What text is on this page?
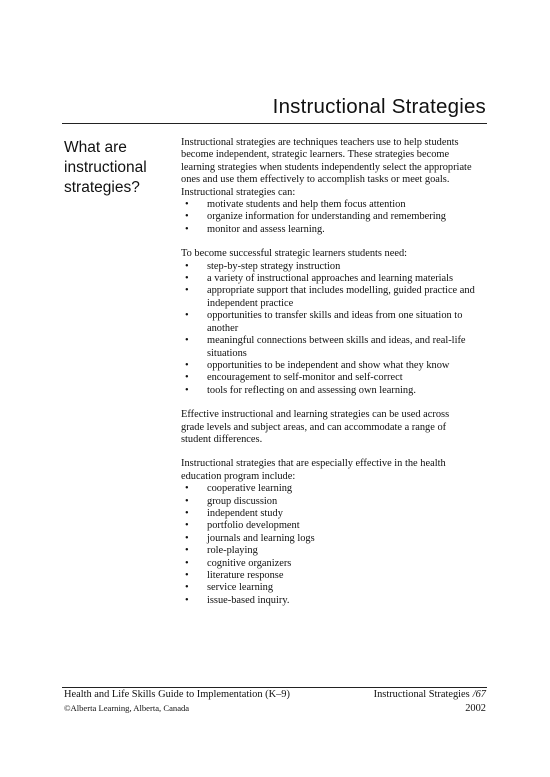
Instructional Strategies
What are
instructional
strategies?
Instructional strategies are techniques teachers use to help students
become independent, strategic learners. These strategies become
learning strategies when students independently select the appropriate
ones and use them effectively to accomplish tasks or meet goals.
Instructional strategies can:
• motivate students and help them focus attention
• organize information for understanding and remembering
• monitor and assess learning.
To become successful strategic learners students need:
• step-by-step strategy instruction
• a variety of instructional approaches and learning materials
• appropriate support that includes modelling, guided practice and
independent practice
• opportunities to transfer skills and ideas from one situation to
another
• meaningful connections between skills and ideas, and real-life
situations
• opportunities to be independent and show what they know
• encouragement to self-monitor and self-correct
• tools for reflecting on and assessing own learning.
Effective instructional and learning strategies can be used across
grade levels and subject areas, and can accommodate a range of
student differences.
Instructional strategies that are especially effective in the health
education program include:
• cooperative learning
• group discussion
• independent study
• portfolio development
• journals and learning logs
• role-playing
• cognitive organizers
• literature response
• service learning
• issue-based inquiry.
Health and Life Skills Guide to Implementation (K–9)
©Alberta Learning, Alberta, Canada
Instructional Strategies /67
2002
